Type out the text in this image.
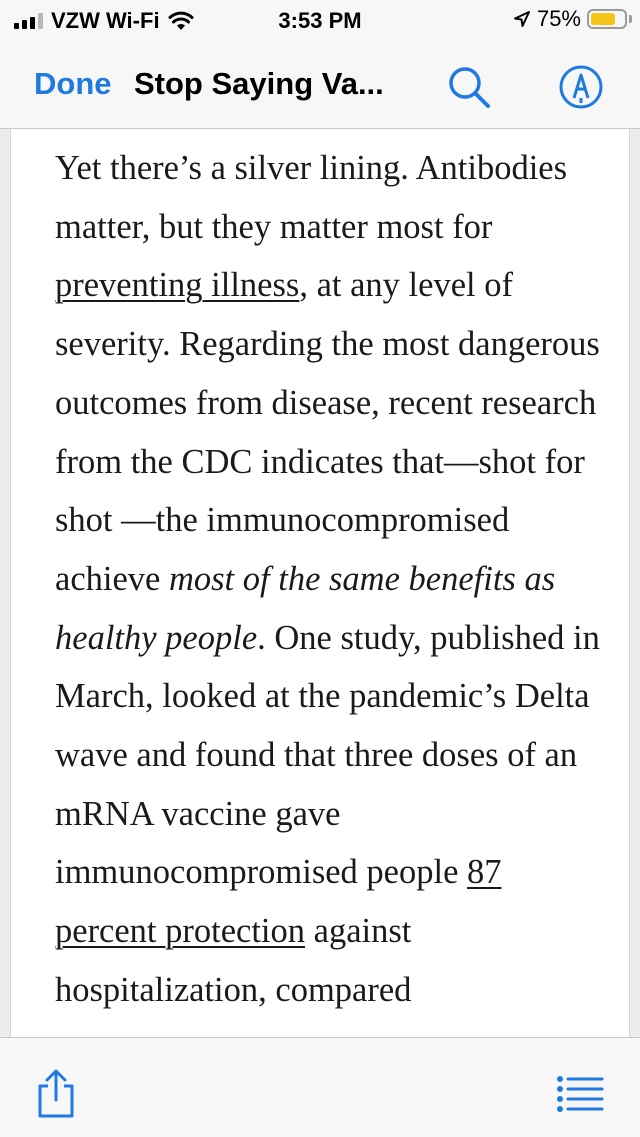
VZW Wi-Fi	3:53 PM	75%
Done Stop Saying Va...

Yet there’s a silver lining. Antibodies matter, but they matter most for preventing illness, at any level of severity. Regarding the most dangerous outcomes from disease, recent research from the CDC indicates that—shot for shot —the immunocompromised achieve most of the same benefits as healthy people. One study, published in March, looked at the pandemic’s Delta wave and found that three doses of an mRNA vaccine gave immunocompromised people 87 percent protection against hospitalization, compared
